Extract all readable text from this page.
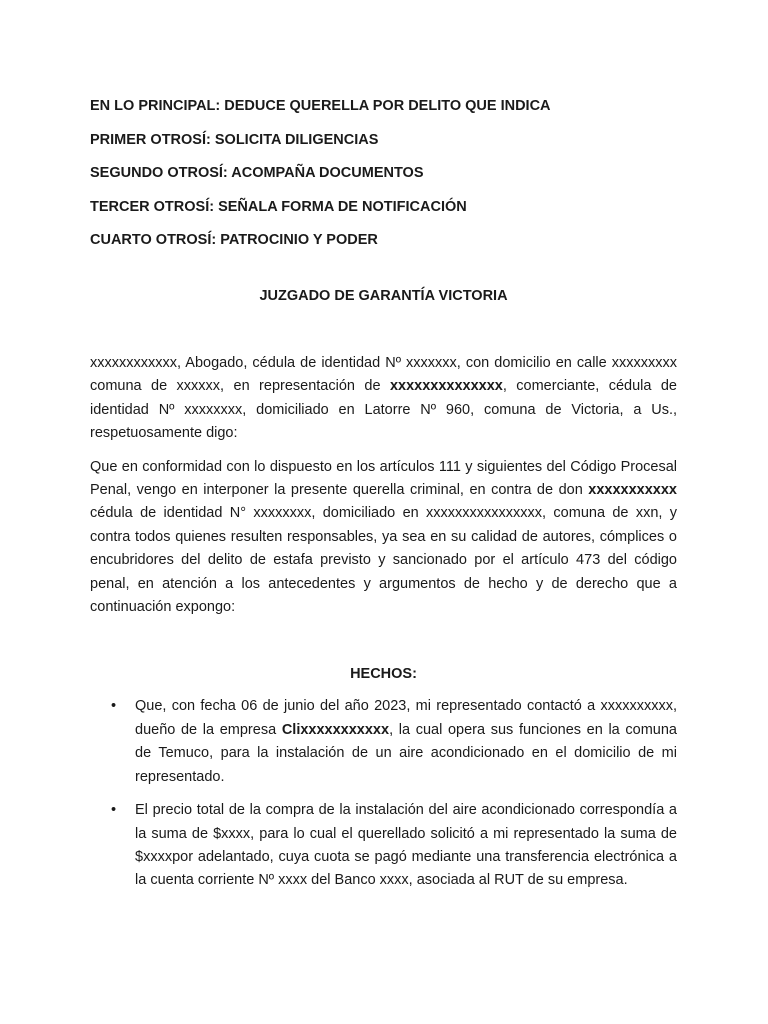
EN LO PRINCIPAL: DEDUCE QUERELLA POR DELITO QUE INDICA

PRIMER OTROSÍ: SOLICITA DILIGENCIAS

SEGUNDO OTROSÍ: ACOMPAÑA DOCUMENTOS

TERCER OTROSÍ: SEÑALA FORMA DE NOTIFICACIÓN

CUARTO OTROSÍ: PATROCINIO Y PODER

JUZGADO DE GARANTÍA VICTORIA

xxxxxxxxxxxx, Abogado, cédula de identidad Nº xxxxxxx, con domicilio en calle xxxxxxxxx comuna de xxxxxx, en representación de xxxxxxxxxxxxxx, comerciante, cédula de identidad Nº xxxxxxxx, domiciliado en Latorre Nº 960, comuna de Victoria, a Us., respetuosamente digo:

Que en conformidad con lo dispuesto en los artículos 111 y siguientes del Código Procesal Penal, vengo en interponer la presente querella criminal, en contra de don xxxxxxxxxxx cédula de identidad N° xxxxxxxx, domiciliado en xxxxxxxxxxxxxxxx, comuna de xxn, y contra todos quienes resulten responsables, ya sea en su calidad de autores, cómplices o encubridores del delito de estafa previsto y sancionado por el artículo 473 del código penal, en atención a los antecedentes y argumentos de hecho y de derecho que a continuación expongo:

HECHOS:

• Que, con fecha 06 de junio del año 2023, mi representado contactó a xxxxxxxxxx, dueño de la empresa Clixxxxxxxxxxx, la cual opera sus funciones en la comuna de Temuco, para la instalación de un aire acondicionado en el domicilio de mi representado.
• El precio total de la compra de la instalación del aire acondicionado correspondía a la suma de $xxxx, para lo cual el querellado solicitó a mi representado la suma de $xxxxpor adelantado, cuya cuota se pagó mediante una transferencia electrónica a la cuenta corriente Nº xxxx del Banco xxxx, asociada al RUT de su empresa.
